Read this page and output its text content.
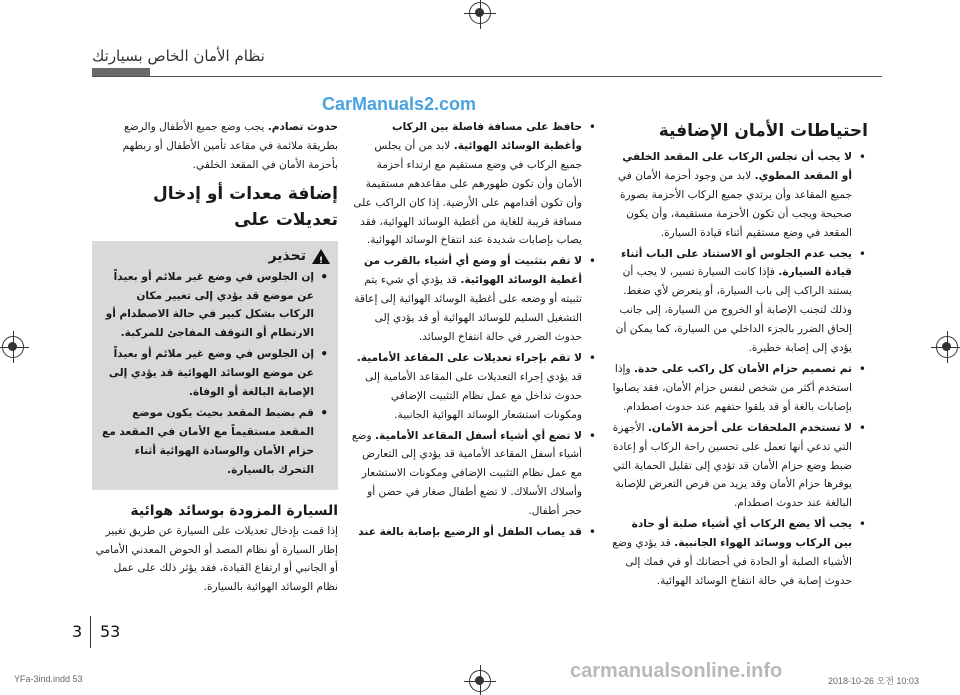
نظام الأمان الخاص بسيارتك
CarManuals2.com
احتياطات الأمان الإضافية
• لا يجب أن تجلس الركاب على المقعد الخلفي أو المقعد المطوي. لابد من وجود أحزمة الأمان في جميع المقاعد وأن يرتدي جميع الركاب الأحزمة بصورة صحيحة ويجب أن تكون الأحزمة مستقيمة، وأن يكون المقعد في وضع مستقيم أثناء قيادة السيارة.
• يجب عدم الجلوس أو الاستناد على الباب أثناء قيادة السيارة. فإذا كانت السيارة تسير، لا يجب أن يستند الراكب إلى باب السيارة، أو يتعرض لأي ضغط. وذلك لتجنب الإصابة أو الخروج من السيارة، إلى جانب إلحاق الضرر بالجزء الداخلي من السيارة، كما يمكن أن يؤدي إلى إصابة خطيرة.
• تم تصميم حزام الأمان كل راكب على حدة. وإذا استخدم أكثر من شخص لنفس حزام الأمان، فقد يصابوا بإصابات بالغة أو قد يلقوا حتفهم عند حدوث اصطدام.
• لا تستخدم الملحقات على أحزمة الأمان. الأجهزة التي تدعي أنها تعمل على تحسين راحة الركاب أو إعادة ضبط وضع حزام الأمان قد تؤدي إلى تقليل الحماية التي يوفرها حزام الأمان وقد يزيد من فرص التعرض للإصابة البالغة عند حدوث اصطدام.
• يجب ألا يضع الركاب أي أشياء صلبة أو حادة بين الركاب ووسائد الهواء الجانبية. قد يؤدي وضع الأشياء الصلبة أو الحادة في أحضانك أو في فمك إلى حدوث إصابة في حالة انتفاخ الوسائد الهوائية.
• حافظ على مسافة فاصلة بين الركاب وأغطية الوسائد الهوائية. لابد من أن يجلس جميع الركاب في وضع مستقيم مع ارتداء أحزمة الأمان وأن تكون ظهورهم على مقاعدهم مستقيمة وأن تكون أقدامهم على الأرضية. إذا كان الراكب على مسافة قريبة للغاية من أغطية الوسائد الهوائية، فقد يصاب بإصابات شديدة عند انتفاخ الوسائد الهوائية.
• لا تقم بتثبيت أو وضع أي أشياء بالقرب من أغطية الوسائد الهوائية. قد يؤدي أي شيء يتم تثبيته أو وضعه على أغطية الوسائد الهوائية إلى إعاقة التشغيل السليم للوسائد الهوائية أو قد يؤدي إلى حدوث الضرر في حالة انتفاخ الوسائد.
• لا تقم بإجراء تعديلات على المقاعد الأمامية. قد يؤدي إجراء التعديلات على المقاعد الأمامية إلى حدوث تداخل مع عمل نظام التثبيت الإضافي ومكونات استشعار الوسائد الهوائية الجانبية.
• لا تضع أي أشياء أسفل المقاعد الأمامية. وضع أشياء أسفل المقاعد الأمامية قد يؤدي إلى التعارض مع عمل نظام التثبيت الإضافي ومكونات الاستشعار وأسلاك الأسلاك. لا تضع أطفال صغار في حضن أو حجر أطفال.
• قد يصاب الطفل أو الرضيع بإصابة بالغة عند

حدوث تصادم. يجب وضع جميع الأطفال والرضع بطريقة ملائمة في مقاعد تأمين الأطفال أو ربطهم بأحزمة الأمان في المقعد الخلفي.

إضافة معدات أو إدخال تعديلات على
!
تحذير
• إن الجلوس في وضع غير ملائم أو بعيداً عن موضع قد يؤدي إلى تغيير مكان الركاب بشكل كبير في حالة الاصطدام أو الارتطام أو التوقف المفاجئ للمركبة.
• إن الجلوس في وضع غير ملائم أو بعيداً عن موضع الوسائد الهوائية قد يؤدي إلى الإصابة البالغة أو الوفاة.
• قم بضبط المقعد بحيث يكون موضع المقعد مستقيماً مع الأمان في المقعد مع حزام الأمان والوسادة الهوائية أثناء التحرك بالسيارة.
السيارة المزودة بوسائد هوائية

إذا قمت بإدخال تعديلات على السيارة عن طريق تغيير إطار السيارة أو نظام المصد أو الحوض المعدني الأمامي أو الجانبي أو ارتفاع القيادة، فقد يؤثر ذلك على عمل نظام الوسائد الهوائية بالسيارة.

3 53
YFa-3ind.indd 53	2018-10-26 오전 10:03
carmanualsonline.info
